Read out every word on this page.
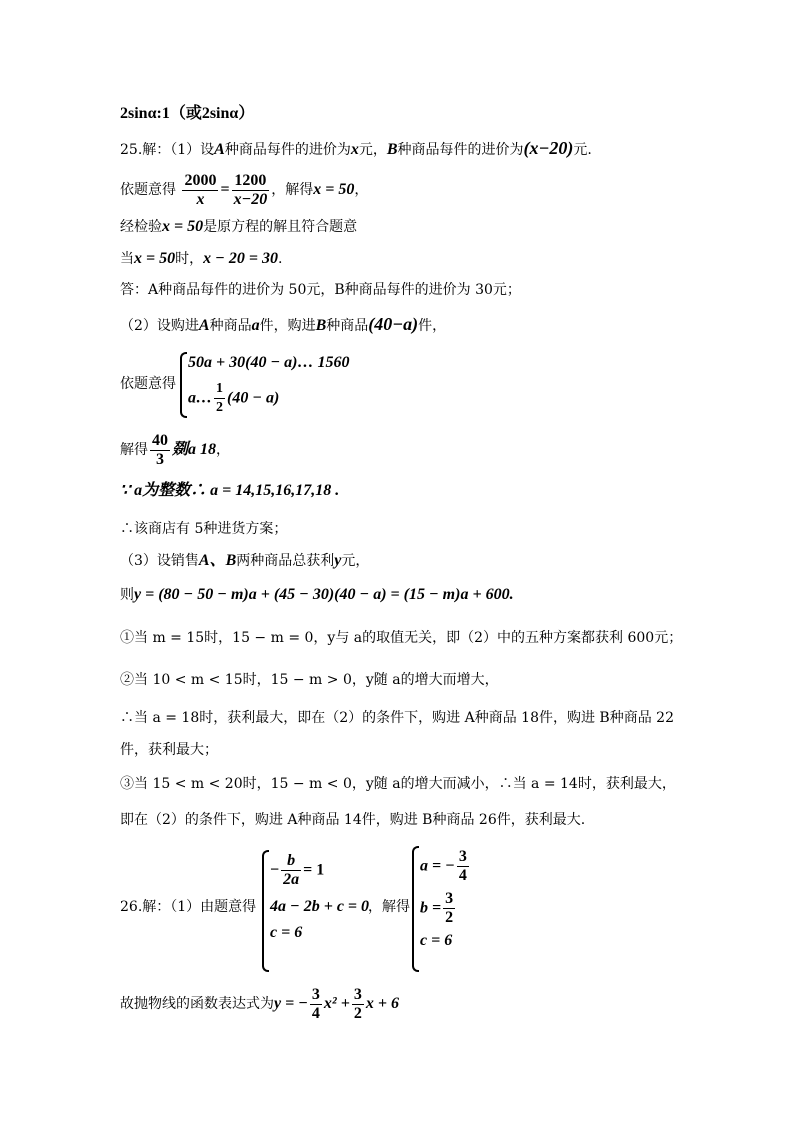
2sinα:1（或2sinα）
25.解：（1）设A种商品每件的进价为x元，B种商品每件的进价为(x−20)元.
依题意得 $\frac{2000}{x} = \frac{1200}{x-20}$ ，解得x = 50，
经检验x = 50是原方程的解且符合题意
当x = 50时，x − 20 = 30.
答：A种商品每件的进价为 50元，B种商品每件的进价为 30元；
（2）设购进A种商品a件，购进B种商品(40−a)件，
依题意得
50a + 30(40 − a)… 1560
a… $\frac{1}{2} (40 - a)$
解得 $\frac{40}{3}$ 剟a 18，
∵ a为整数∴ a = 14,15,16,17,18 .
∴该商店有 5种进货方案；
（3）设销售A、B两种商品总获利y元，
则y = (80 − 50 − m)a + (45 − 30)(40 − a) = (15 − m)a + 600.
①当 m = 15时，15 − m = 0，y与 a的取值无关，即（2）中的五种方案都获利 600元；
②当 10 < m < 15时，15 − m > 0，y随 a的增大而增大，
∴当 a = 18时，获利最大，即在（2）的条件下，购进 A种商品 18件，购进 B种商品 22
件，获利最大；
③当 15 < m < 20时，15 − m < 0，y随 a的增大而减小，∴当 a = 14时，获利最大，
即在（2）的条件下，购进 A种商品 14件，购进 B种商品 26件，获利最大.
26.解：（1）由题意得
− $\frac{b}{2a} = 1$
4a − 2b + c = 0
c = 6
，解得
a = − $\frac{3}{4}$
$b = \frac{3}{2}$
c = 6
故抛物线的函数表达式为y = − $\frac{3}{4} x^2 + \frac{3}{2}$ x + 6
